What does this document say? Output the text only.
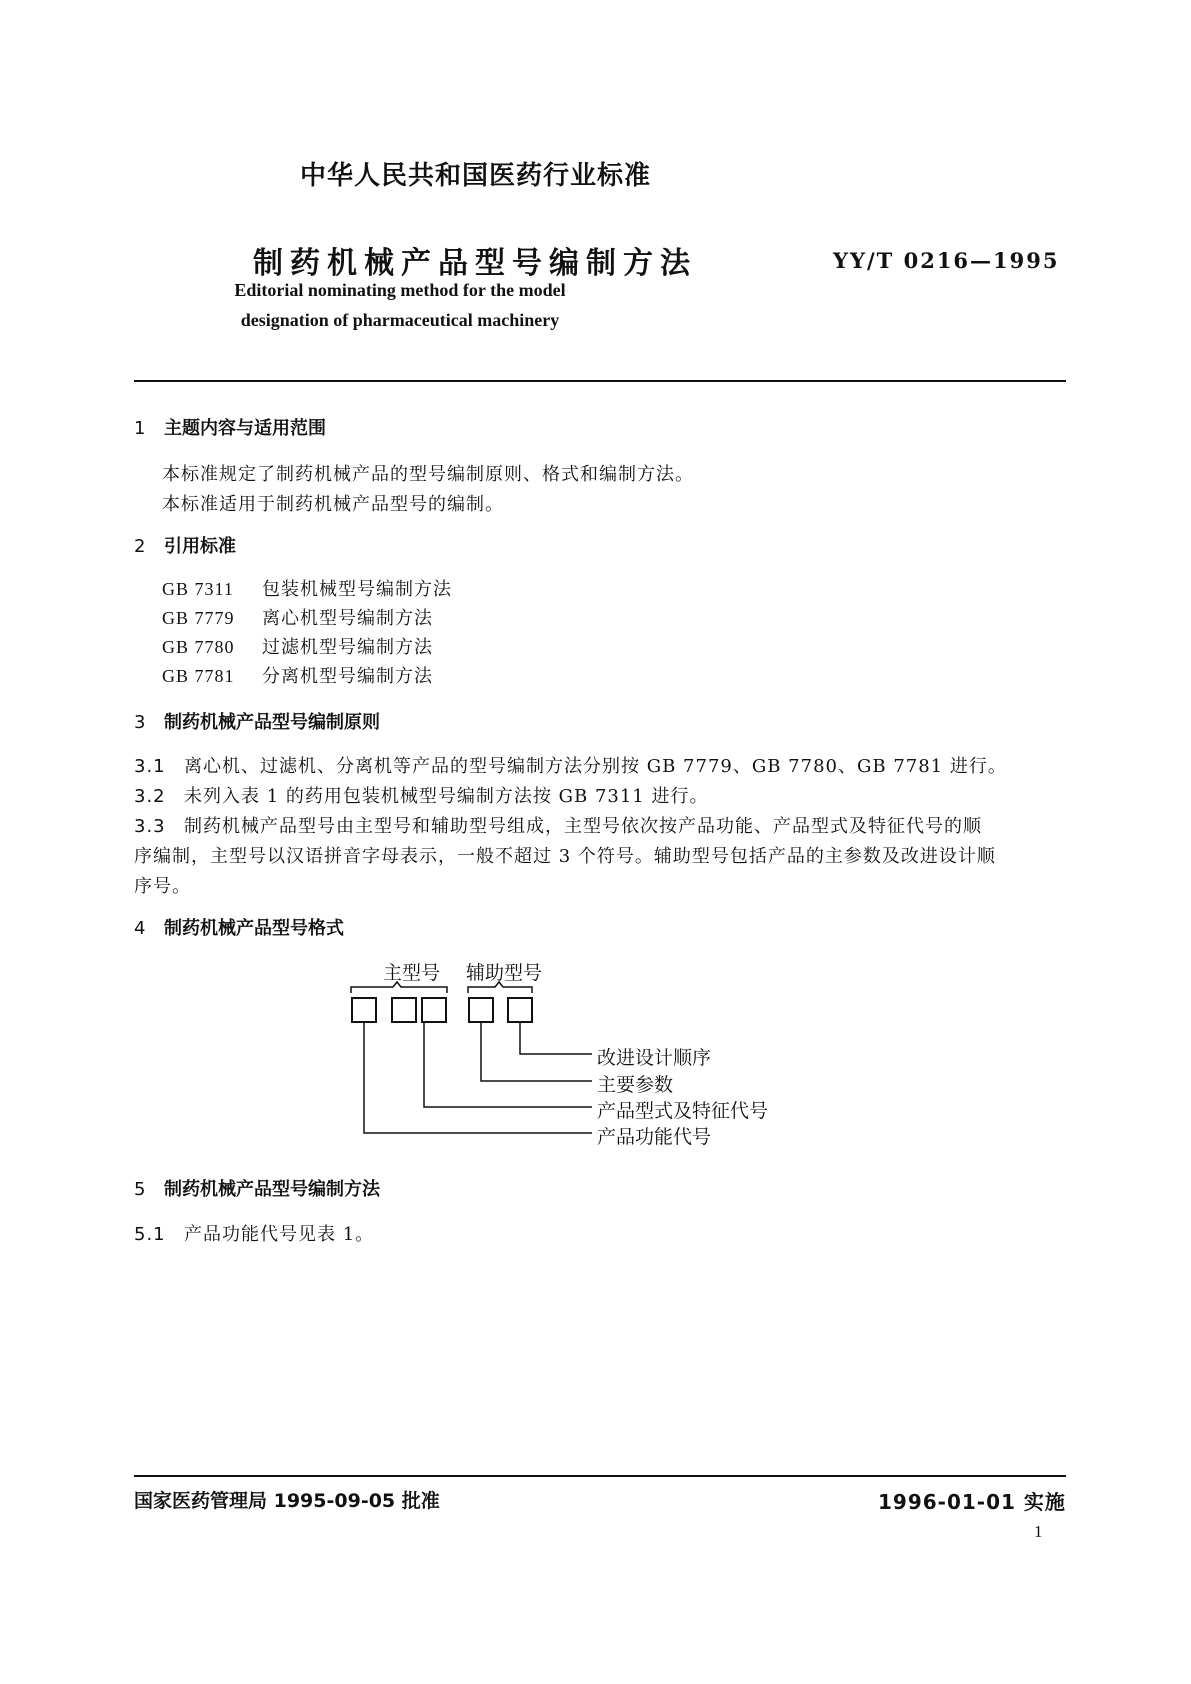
中华人民共和国医药行业标准
制药机械产品型号编制方法	YY/T 0216—1995
Editorial nominating method for the model
designation of pharmaceutical machinery
1 主题内容与适用范围
本标准规定了制药机械产品的型号编制原则、格式和编制方法。
本标准适用于制药机械产品型号的编制。
2 引用标准
GB 7311 包装机械型号编制方法
GB 7779 离心机型号编制方法
GB 7780 过滤机型号编制方法
GB 7781 分离机型号编制方法
3 制药机械产品型号编制原则
3.1 离心机、过滤机、分离机等产品的型号编制方法分别按 GB 7779、GB 7780、GB 7781 进行。
3.2 未列入表 1 的药用包装机械型号编制方法按 GB 7311 进行。
3.3 制药机械产品型号由主型号和辅助型号组成，主型号依次按产品功能、产品型式及特征代号的顺
序编制，主型号以汉语拼音字母表示，一般不超过 3 个符号。辅助型号包括产品的主参数及改进设计顺
序号。
4 制药机械产品型号格式
主型号 辅助型号
改进设计顺序
主要参数
产品型式及特征代号
产品功能代号
5 制药机械产品型号编制方法
5.1 产品功能代号见表 1。
国家医药管理局 1995-09-05 批准	1996-01-01 实施
1
